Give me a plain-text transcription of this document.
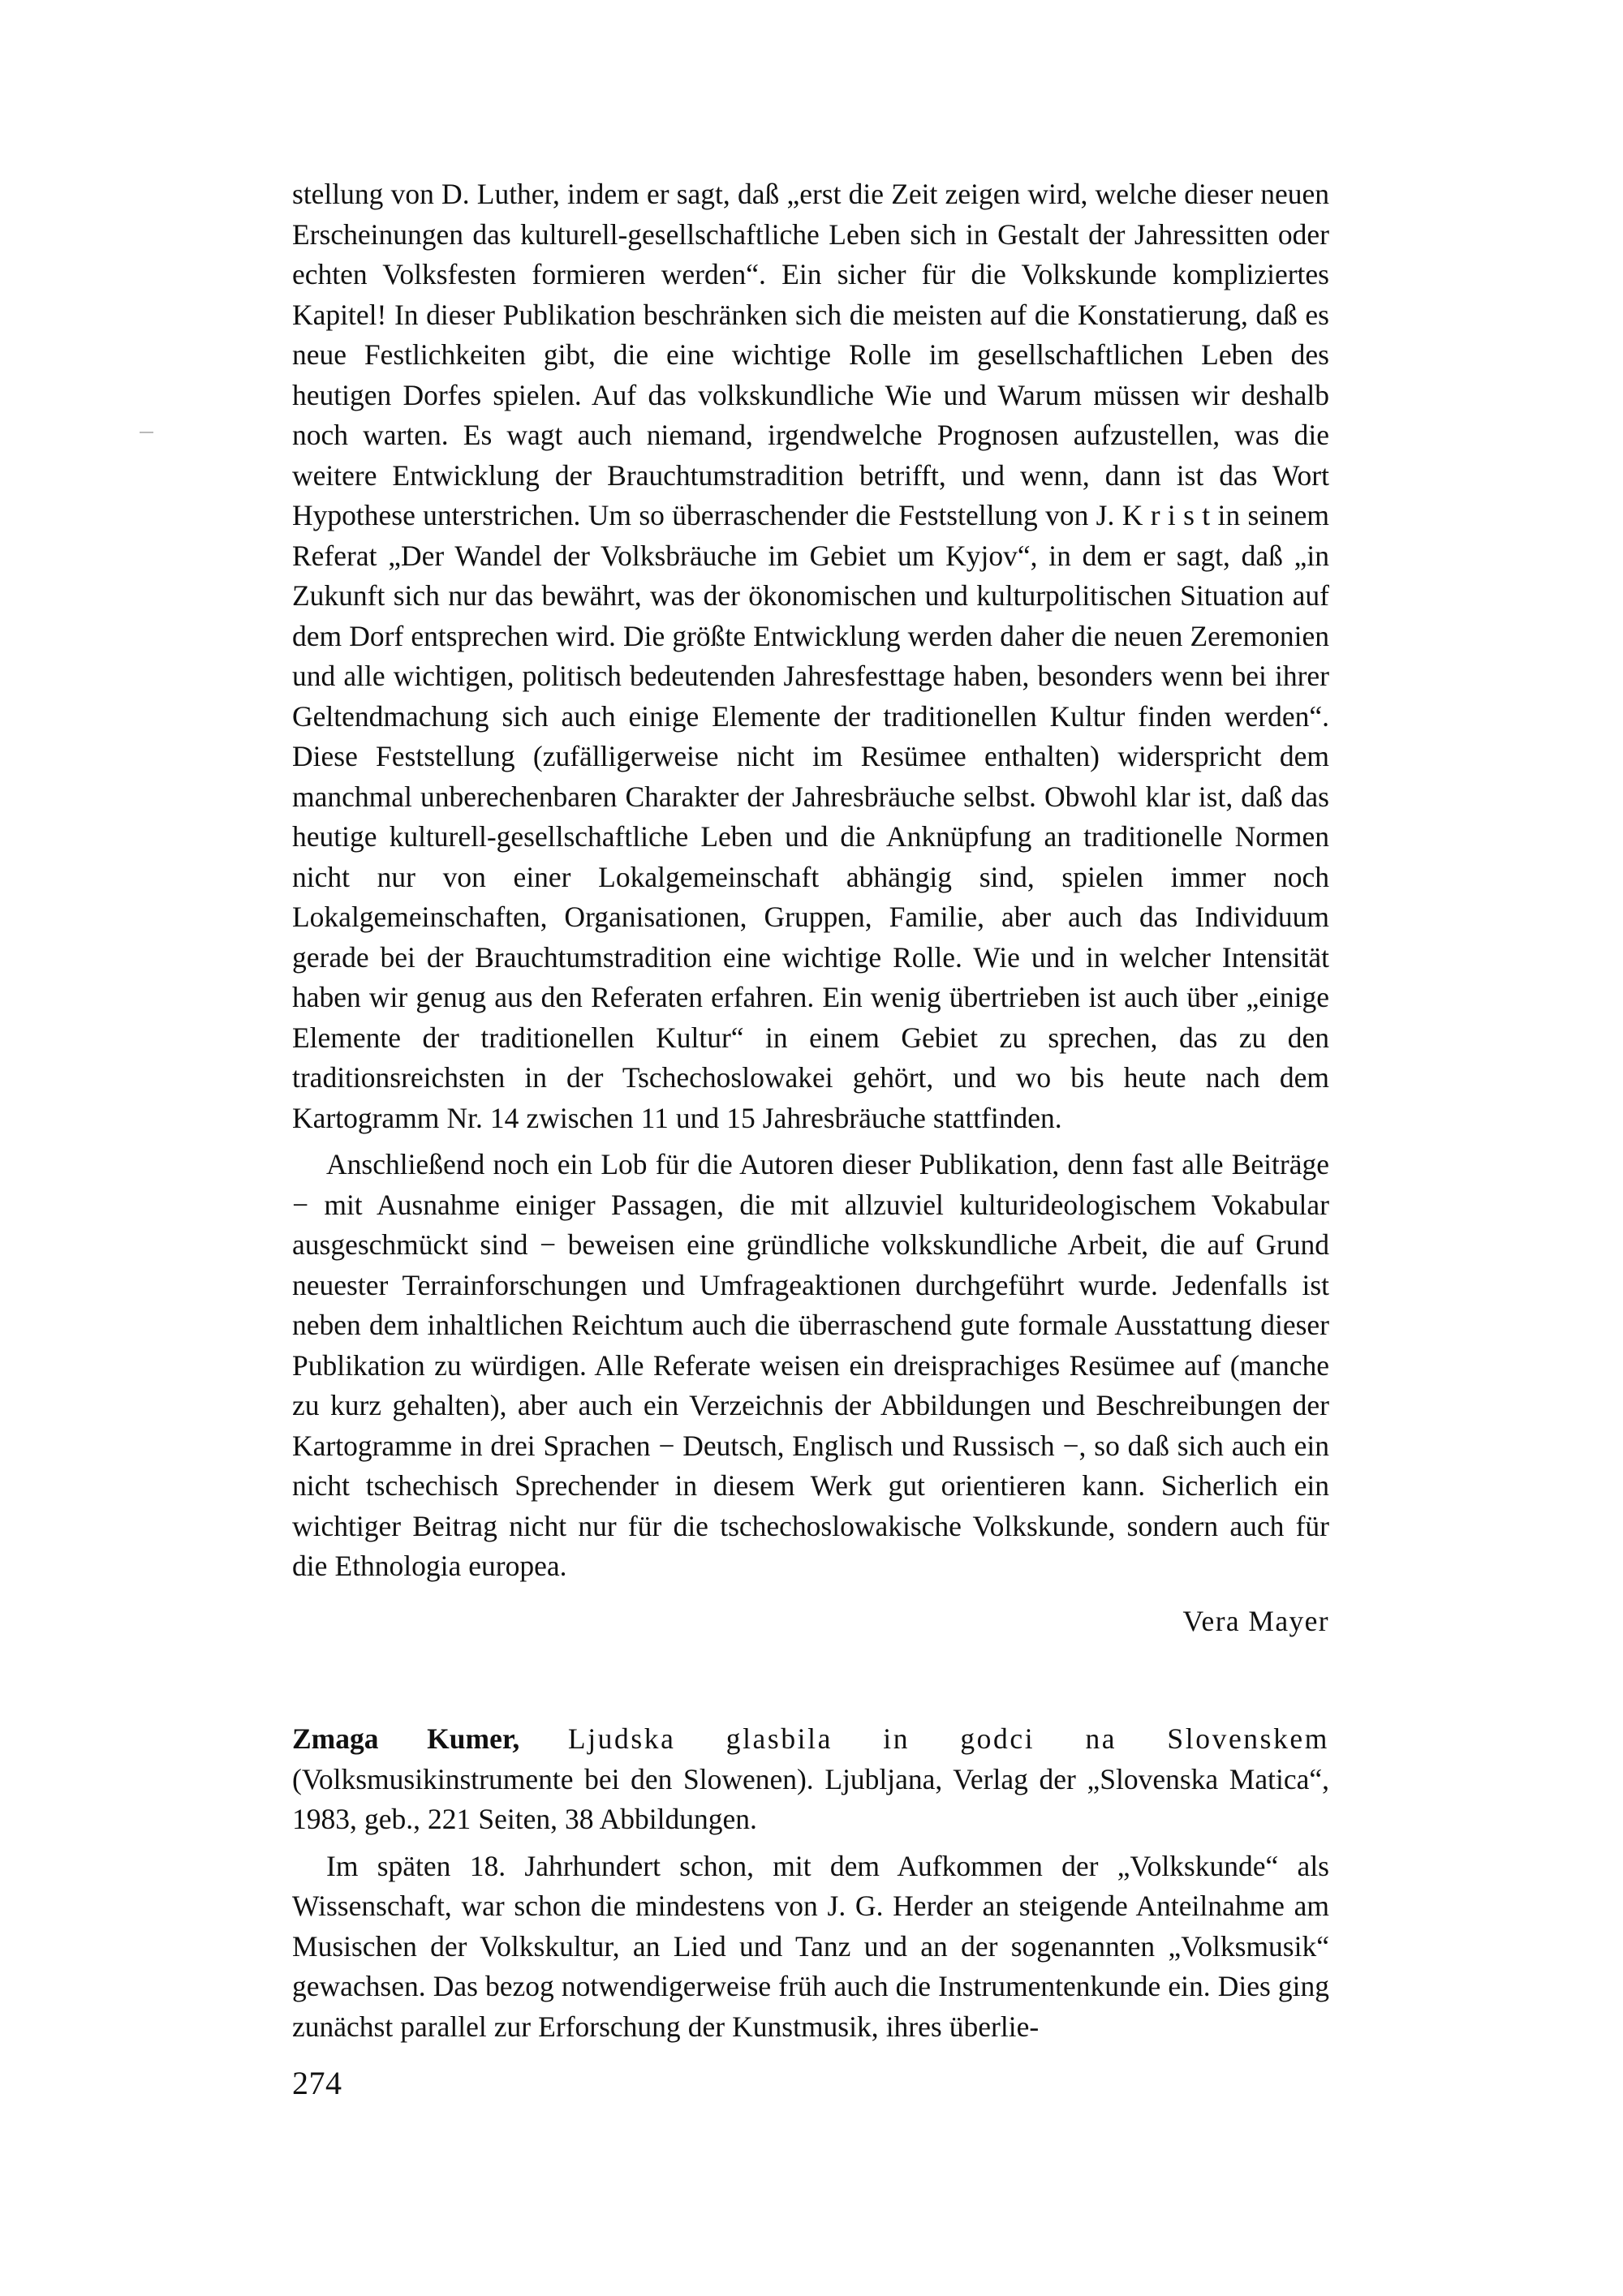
stellung von D. Luther, indem er sagt, daß „erst die Zeit zeigen wird, welche dieser neuen Erscheinungen das kulturell-gesellschaftliche Leben sich in Gestalt der Jahressitten oder echten Volksfesten formieren werden“. Ein sicher für die Volkskunde kompliziertes Kapitel! In dieser Publikation beschränken sich die meisten auf die Konstatierung, daß es neue Festlichkeiten gibt, die eine wichtige Rolle im gesellschaftlichen Leben des heutigen Dorfes spielen. Auf das volkskundliche Wie und Warum müssen wir deshalb noch warten. Es wagt auch niemand, irgendwelche Prognosen aufzustellen, was die weitere Entwicklung der Brauchtumstradition betrifft, und wenn, dann ist das Wort Hypothese unterstrichen. Um so überraschender die Feststellung von J. K r i s t in seinem Referat „Der Wandel der Volksbräuche im Gebiet um Kyjov“, in dem er sagt, daß „in Zukunft sich nur das bewährt, was der ökonomischen und kulturpolitischen Situation auf dem Dorf entsprechen wird. Die größte Entwicklung werden daher die neuen Zeremonien und alle wichtigen, politisch bedeutenden Jahresfesttage haben, besonders wenn bei ihrer Geltendmachung sich auch einige Elemente der traditionellen Kultur finden werden“. Diese Feststellung (zufälligerweise nicht im Resümee enthalten) widerspricht dem manchmal unberechenbaren Charakter der Jahresbräuche selbst. Obwohl klar ist, daß das heutige kulturell-gesellschaftliche Leben und die Anknüpfung an traditionelle Normen nicht nur von einer Lokalgemeinschaft abhängig sind, spielen immer noch Lokalgemeinschaften, Organisationen, Gruppen, Familie, aber auch das Individuum gerade bei der Brauchtumstradition eine wichtige Rolle. Wie und in welcher Intensität haben wir genug aus den Referaten erfahren. Ein wenig übertrieben ist auch über „einige Elemente der traditionellen Kultur“ in einem Gebiet zu sprechen, das zu den traditionsreichsten in der Tschechoslowakei gehört, und wo bis heute nach dem Kartogramm Nr. 14 zwischen 11 und 15 Jahresbräuche stattfinden.

Anschließend noch ein Lob für die Autoren dieser Publikation, denn fast alle Beiträge − mit Ausnahme einiger Passagen, die mit allzuviel kulturideologischem Vokabular ausgeschmückt sind − beweisen eine gründliche volkskundliche Arbeit, die auf Grund neuester Terrainforschungen und Umfrageaktionen durchgeführt wurde. Jedenfalls ist neben dem inhaltlichen Reichtum auch die überraschend gute formale Ausstattung dieser Publikation zu würdigen. Alle Referate weisen ein dreisprachiges Resümee auf (manche zu kurz gehalten), aber auch ein Verzeichnis der Abbildungen und Beschreibungen der Kartogramme in drei Sprachen − Deutsch, Englisch und Russisch −, so daß sich auch ein nicht tschechisch Sprechender in diesem Werk gut orientieren kann. Sicherlich ein wichtiger Beitrag nicht nur für die tschechoslowakische Volkskunde, sondern auch für die Ethnologia europea.

Vera Mayer

Zmaga Kumer, Ljudska glasbila in godci na Slovenskem (Volksmusikinstrumente bei den Slowenen). Ljubljana, Verlag der „Slovenska Matica“, 1983, geb., 221 Seiten, 38 Abbildungen.

Im späten 18. Jahrhundert schon, mit dem Aufkommen der „Volkskunde“ als Wissenschaft, war schon die mindestens von J. G. Herder an steigende Anteilnahme am Musischen der Volkskultur, an Lied und Tanz und an der sogenannten „Volksmusik“ gewachsen. Das bezog notwendigerweise früh auch die Instrumentenkunde ein. Dies ging zunächst parallel zur Erforschung der Kunstmusik, ihres überlie-

274
